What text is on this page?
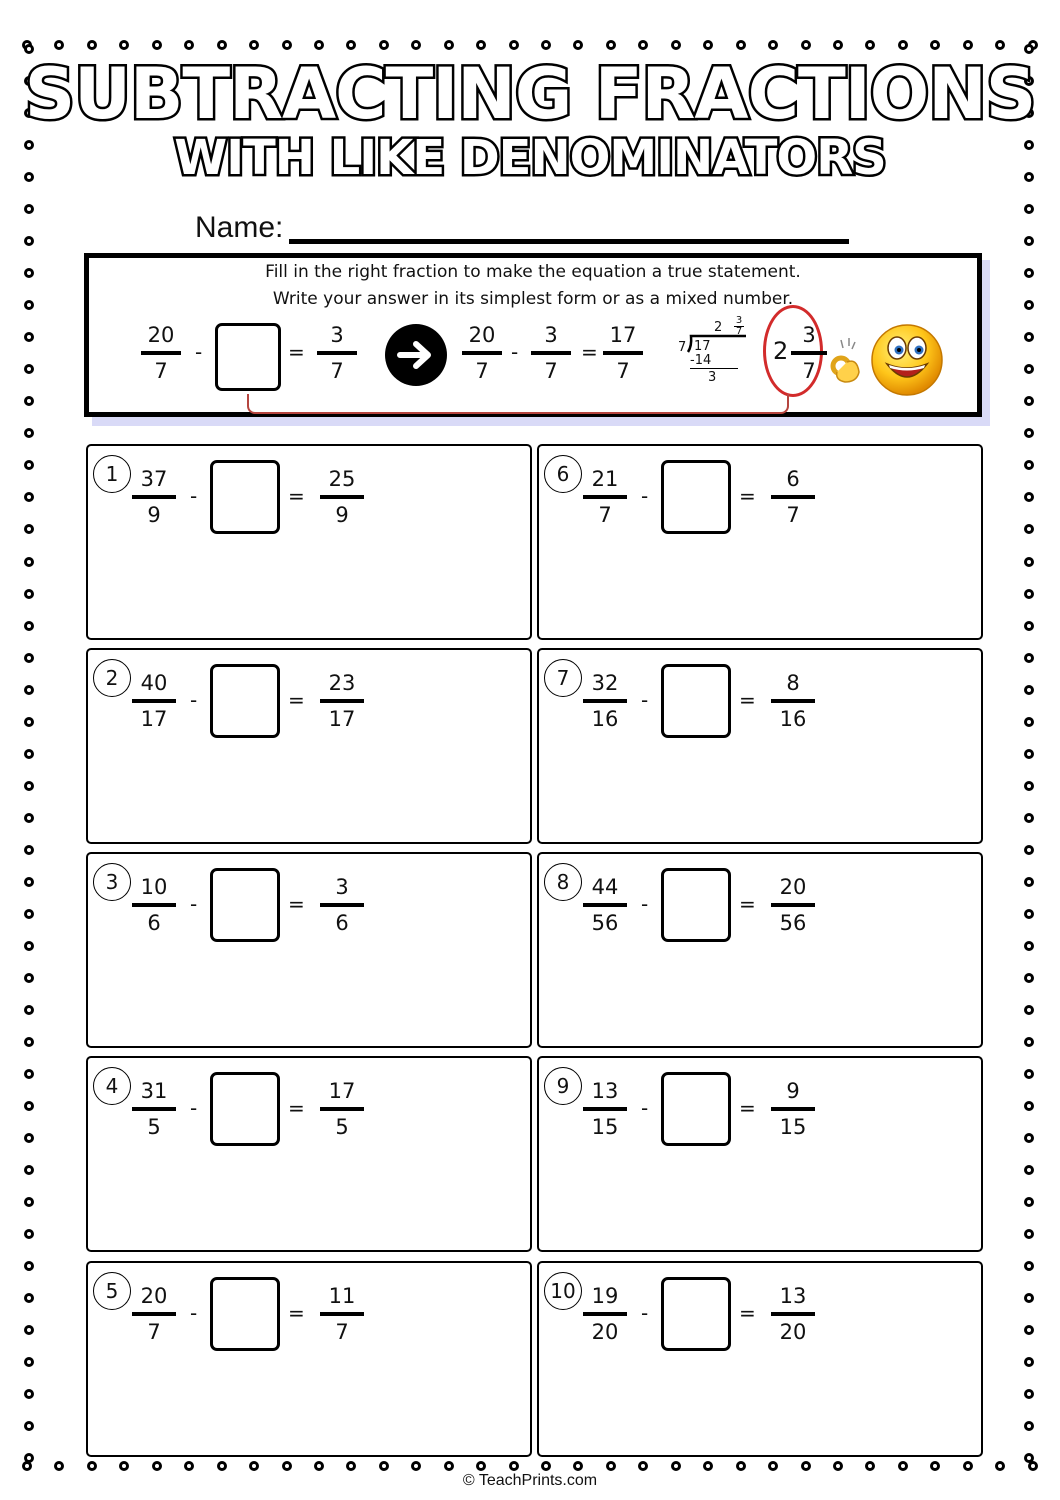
SUBTRACTING FRACTIONS
WITH LIKE DENOMINATORS
Name:
Fill in the right fraction to make the equation a true statement.
Write your answer in its simplest form or as a mixed number.
20
7
-	=
3
7
20
7
-
3
7
=
17
7
2 3
7
7 17
-14
3
2
3
7
1 37
9
-	=
25
9
2 40
17
-	=
23
17
3 10
6
-	=
3
6
4 31
5
-	=
17
5
5 20
7
-	=
11
7
6 21
7
-	=
6
7
7 32
16
-	=
8
16
8 44
56
-	=
20
56
9 13
15
-	=
9
15
10 19
20
-	=
13
20
© TeachPrints.com
